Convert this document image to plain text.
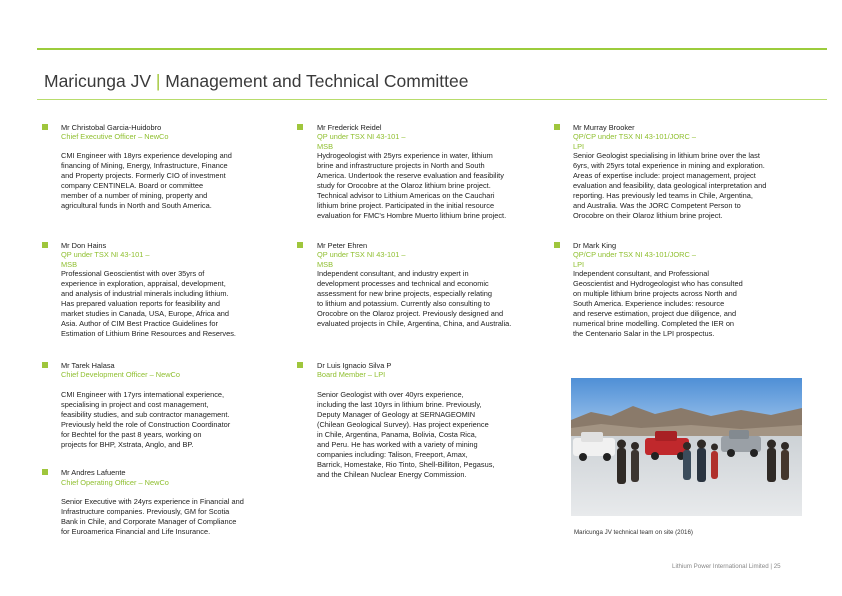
Maricunga JV | Management and Technical Committee
Mr Christobal Garcia-Huidobro
Chief Executive Officer – NewCo
CMI Engineer with 18yrs experience developing and
financing of Mining, Energy, Infrastructure, Finance
and Property projects. Formerly CIO of investment
company CENTINELA. Board or committee
member of a number of mining, property and
agricultural funds in North and South America.
Mr Frederick Reidel
QP under TSX NI 43-101 –
MSB
Hydrogeologist with 25yrs experience in water, lithium
brine and infrastructure projects in North and South
America. Undertook the reserve evaluation and feasibility
study for Orocobre at the Olaroz lithium brine project.
Technical advisor to Lithium Americas on the Cauchari
lithium brine project. Participated in the initial resource
evaluation for FMC's Hombre Muerto lithium brine project.
Mr Murray Brooker
QP/CP under TSX NI 43-101/JORC –
LPI
Senior Geologist specialising in lithium brine over the last
6yrs, with 25yrs total experience in mining and exploration.
Areas of expertise include: project management, project
evaluation and feasibility, data geological interpretation and
reporting. Has previously led teams in Chile, Argentina,
and Australia. Was the JORC Competent Person to
Orocobre on their Olaroz lithium brine project.
Mr Don Hains
QP under TSX NI 43-101 –
MSB
Professional Geoscientist with over 35yrs of
experience in exploration, appraisal, development,
and analysis of industrial minerals including lithium.
Has prepared valuation reports for feasibility and
market studies in Canada, USA, Europe, Africa and
Asia. Author of CIM Best Practice Guidelines for
Estimation of Lithium Brine Resources and Reserves.
Mr Peter Ehren
QP under TSX NI 43-101 –
MSB
Independent consultant, and industry expert in
development processes and technical and economic
assessment for new brine projects, especially relating
to lithium and potassium. Currently also consulting to
Orocobre on the Olaroz project. Previously designed and
evaluated projects in Chile, Argentina, China, and Australia.
Dr Mark King
QP/CP under TSX NI 43-101/JORC –
LPI
Independent consultant, and Professional
Geoscientist and Hydrogeologist who has consulted
on multiple lithium brine projects across North and
South America. Experience includes: resource
and reserve estimation, project due diligence, and
numerical brine modelling. Completed the IER on
the Centenario Salar in the LPI prospectus.
Mr Tarek Halasa
Chief Development Officer – NewCo
CMI Engineer with 17yrs international experience,
specialising in project and cost management,
feasibility studies, and sub contractor management.
Previously held the role of Construction Coordinator
for Bechtel for the past 8 years, working on
projects for BHP, Xstrata, Anglo, and BP.
Dr Luis Ignacio Silva P
Board Member – LPI
Senior Geologist with over 40yrs experience,
including the last 10yrs in lithium brine. Previously,
Deputy Manager of Geology at SERNAGEOMIN
(Chilean Geological Survey). Has project experience
in Chile, Argentina, Panama, Bolivia, Costa Rica,
and Peru. He has worked with a variety of mining
companies including: Talison, Freeport, Amax,
Barrick, Homestake, Rio Tinto, Shell-Billiton, Pegasus,
and the Chilean Nuclear Energy Commission.
Mr Andres Lafuente
Chief Operating Officer – NewCo
Senior Executive with 24yrs experience in Financial and
Infrastructure companies. Previously, GM for Scotia
Bank in Chile, and Corporate Manager of Compliance
for Euroamerica Financial and Life Insurance.	Maricunga JV technical team on site (2016)
Lithium Power International Limited | 25
